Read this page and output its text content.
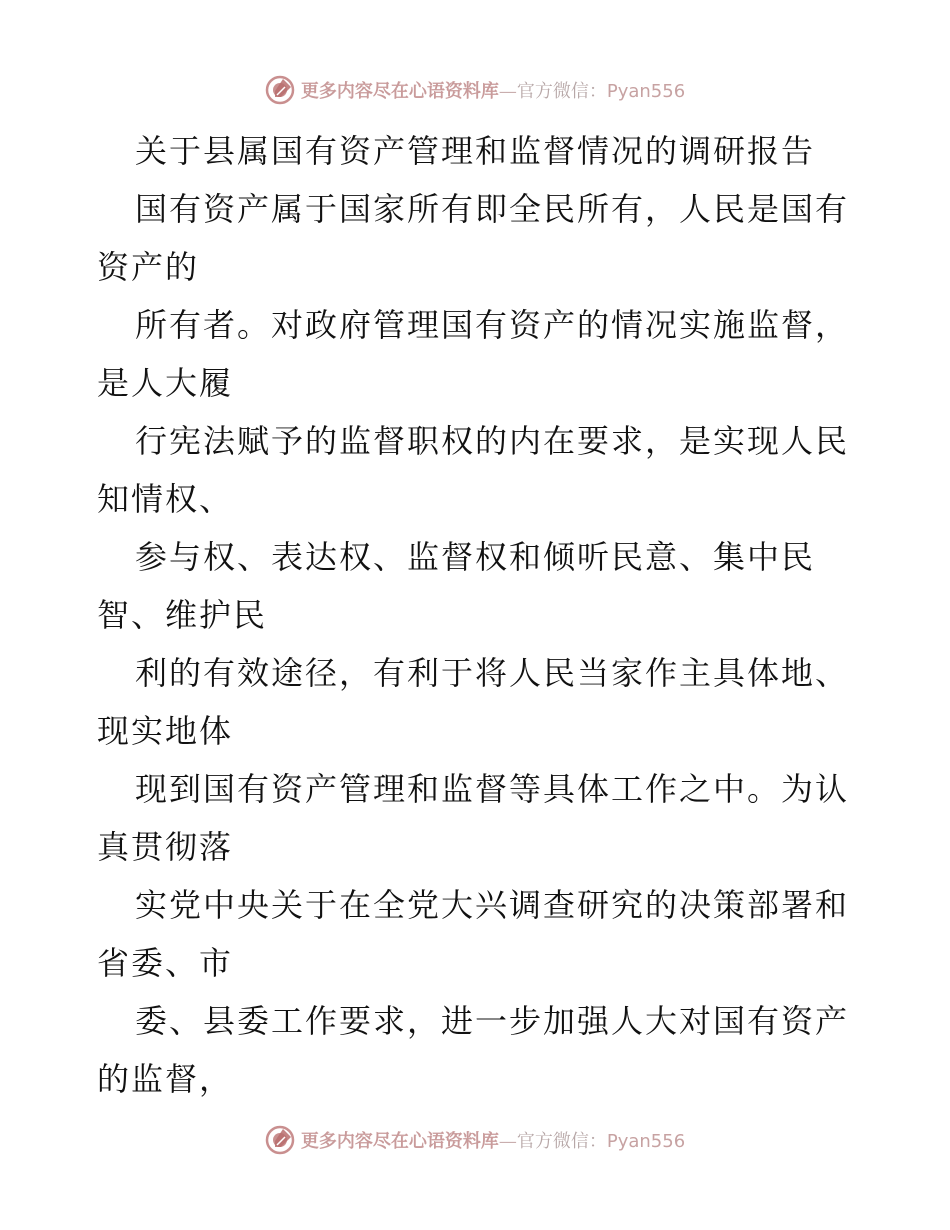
更多内容尽在心语资料库—官方微信：Pyan556
关于县属国有资产管理和监督情况的调研报告
国有资产属于国家所有即全民所有，人民是国有
资产的
所有者。对政府管理国有资产的情况实施监督，
是人大履
行宪法赋予的监督职权的内在要求，是实现人民
知情权、
参与权、表达权、监督权和倾听民意、集中民
智、维护民
利的有效途径，有利于将人民当家作主具体地、
现实地体
现到国有资产管理和监督等具体工作之中。为认
真贯彻落
实党中央关于在全党大兴调查研究的决策部署和
省委、市
委、县委工作要求，进一步加强人大对国有资产
的监督，
更多内容尽在心语资料库—官方微信：Pyan556
